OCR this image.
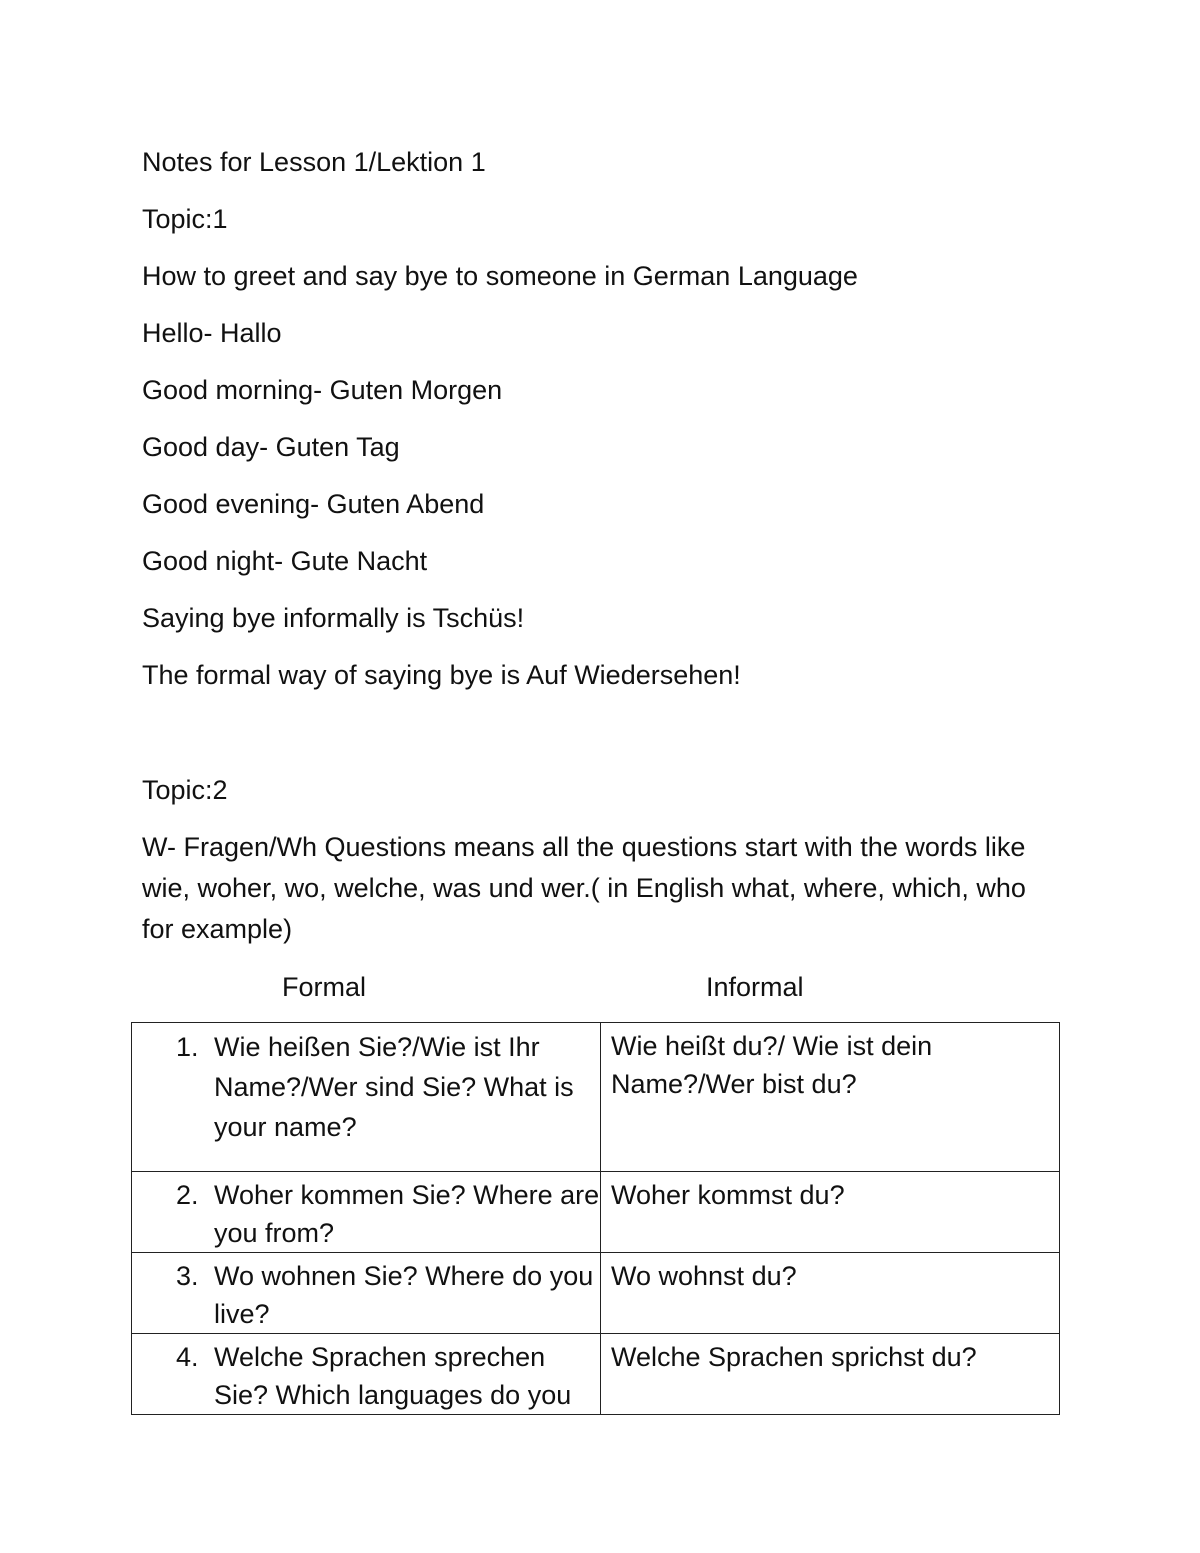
Notes for Lesson 1/Lektion 1
Topic:1
How to greet and say bye to someone in German Language
Hello- Hallo
Good morning- Guten Morgen
Good day- Guten Tag
Good evening- Guten Abend
Good night- Gute Nacht
Saying bye informally is Tschüs!
The formal way of saying bye is Auf Wiedersehen!
Topic:2
W- Fragen/Wh Questions means all the questions start with the words like wie, woher, wo, welche, was und wer.( in English what, where, which, who for example)
Formal	Informal
1. Wie heißen Sie?/Wie ist Ihr Name?/Wer sind Sie? What is your name?	Wie heißt du?/ Wie ist dein Name?/Wer bist du?

2. Woher kommen Sie? Where are you from?	Woher kommst du?

3. Wo wohnen Sie? Where do you live?	Wo wohnst du?

4. Welche Sprachen sprechen Sie? Which languages do you	Welche Sprachen sprichst du?
